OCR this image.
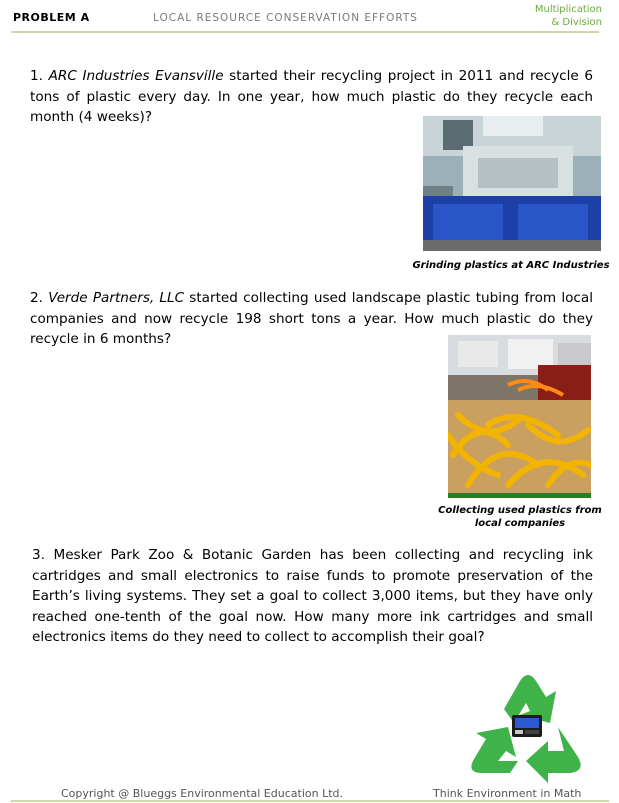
PROBLEM A	LOCAL RESOURCE CONSERVATION EFFORTS
Multiplication
& Division

1. ARC Industries Evansville started their recycling project in 2011 and recycle 6 tons of plastic every day. In one year, how much plastic do they recycle each month (4 weeks)?

Grinding plastics at ARC Industries

2. Verde Partners, LLC started collecting used landscape plastic tubing from local companies and now recycle 198 short tons a year. How much plastic do they recycle in 6 months?

Collecting used plastics from
local companies

3. Mesker Park Zoo & Botanic Garden has been collecting and recycling ink cartridges and small electronics to raise funds to promote preservation of the Earth’s living systems. They set a goal to collect 3,000 items, but they have only reached one-tenth of the goal now. How many more ink cartridges and small electronics items do they need to collect to accomplish their goal?

Copyright @ Blueggs Environmental Education Ltd.	Think Environment in Math
